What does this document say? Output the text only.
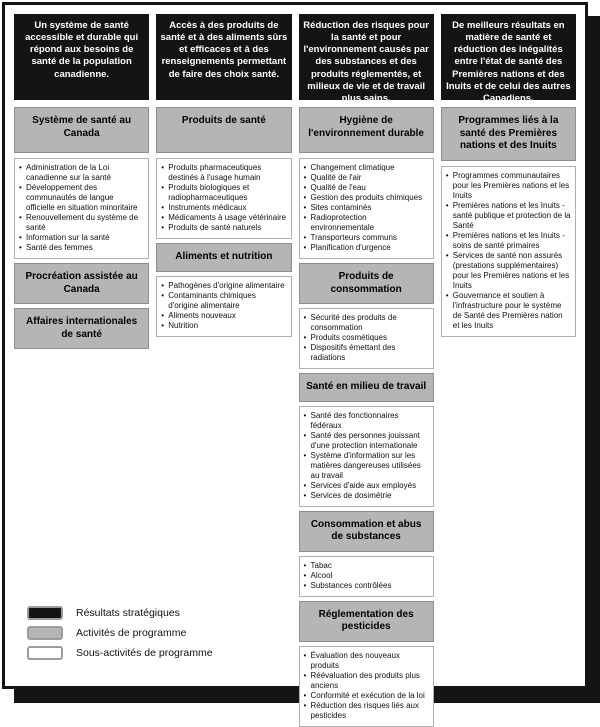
Un système de santé accessible et durable qui répond aux besoins de santé de la population canadienne.
Système de santé au Canada
• Administration de la Loi canadienne sur la santé
• Développement des communautés de langue officielle en situation minoritaire
• Renouvellement du système de santé
• Information sur la santé
• Santé des femmes
Procréation assistée au Canada
Affaires internationales de santé
Accès à des produits de santé et à des aliments sûrs et efficaces et à des renseignements permettant de faire des choix santé.
Produits de santé
• Produits pharmaceutiques destinés à l'usage humain
• Produits biologiques et radiopharmaceutiques
• Instruments médicaux
• Médicaments à usage vétérinaire
• Produits de santé naturels
Aliments et nutrition
• Pathogènes d'origine alimentaire
• Contaminants chimiques d'origine alimentaire
• Aliments nouveaux
• Nutrition
Réduction des risques pour la santé et pour l'environnement causés par des substances et des produits réglementés, et milieux de vie et de travail plus sains.
Hygiène de l'environnement durable
• Changement climatique
• Qualité de l'air
• Qualité de l'eau
• Gestion des produits chimiques
• Sites contaminés
• Radioprotection environnementale
• Transporteurs communs
• Planification d'urgence
Produits de consommation
• Sécurité des produits de consommation
• Produits cosmétiques
• Dispositifs émettant des radiations
Santé en milieu de travail
• Santé des fonctionnaires fédéraux
• Santé des personnes jouissant d'une protection internationale
• Système d'information sur les matières dangereuses utilisées au travail
• Services d'aide aux employés
• Services de dosimétrie
Consommation et abus de substances
• Tabac
• Alcool
• Substances contrôlées
Réglementation des pesticides
• Évaluation des nouveaux produits
• Réévaluation des produits plus anciens
• Conformité et exécution de la loi
• Réduction des risques liés aux pesticides
De meilleurs résultats en matière de santé et réduction des inégalités entre l'état de santé des Premières nations et des Inuits et de celui des autres Canadiens.
Programmes liés à la santé des Premières nations et des Inuits
• Programmes communautaires pour les Premières nations et les Inuits
• Premières nations et les Inuits - santé publique et protection de la Santé
• Premières nations et les Inuits - soins de santé primaires
• Services de santé non assurés (prestations supplémentaires) pour les Premières nations et les Inuits
• Gouvernance et soutien à l'infrastructure pour le système de Santé des Premières nation et les Inuits
Résultats stratégiques
Activités de programme
Sous-activités de programme
